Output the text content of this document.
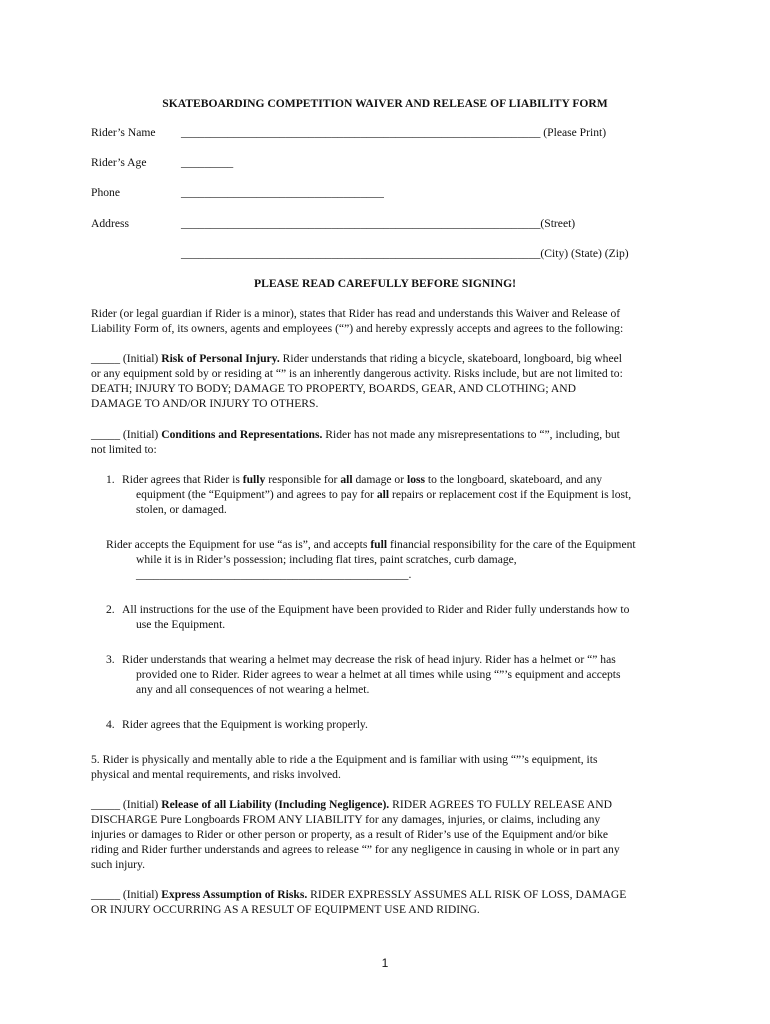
SKATEBOARDING COMPETITION WAIVER AND RELEASE OF LIABILITY FORM
Rider’s Name ______________________________________________________________ (Please Print)
Rider’s Age	_________
Phone	___________________________________
Address	______________________________________________________________(Street)
______________________________________________________________(City) (State) (Zip)
PLEASE READ CAREFULLY BEFORE SIGNING!
Rider (or legal guardian if Rider is a minor), states that Rider has read and understands this Waiver and Release of
Liability Form of, its owners, agents and employees (“”) and hereby expressly accepts and agrees to the following:
_____ (Initial) Risk of Personal Injury. Rider understands that riding a bicycle, skateboard, longboard, big wheel
or any equipment sold by or residing at “” is an inherently dangerous activity. Risks include, but are not limited to:
DEATH; INJURY TO BODY; DAMAGE TO PROPERTY, BOARDS, GEAR, AND CLOTHING; AND
DAMAGE TO AND/OR INJURY TO OTHERS.
_____ (Initial) Conditions and Representations. Rider has not made any misrepresentations to “”, including, but
not limited to:
1. Rider agrees that Rider is fully responsible for all damage or loss to the longboard, skateboard, and any
equipment (the “Equipment”) and agrees to pay for all repairs or replacement cost if the Equipment is lost,
stolen, or damaged.
Rider accepts the Equipment for use “as is”, and accepts full financial responsibility for the care of the Equipment
while it is in Rider’s possession; including flat tires, paint scratches, curb damage,
_______________________________________________.
2. All instructions for the use of the Equipment have been provided to Rider and Rider fully understands how to
use the Equipment.
3. Rider understands that wearing a helmet may decrease the risk of head injury. Rider has a helmet or “” has
provided one to Rider. Rider agrees to wear a helmet at all times while using “”’s equipment and accepts
any and all consequences of not wearing a helmet.
4. Rider agrees that the Equipment is working properly.
5. Rider is physically and mentally able to ride a the Equipment and is familiar with using “”’s equipment, its
physical and mental requirements, and risks involved.
_____ (Initial) Release of all Liability (Including Negligence). RIDER AGREES TO FULLY RELEASE AND
DISCHARGE Pure Longboards FROM ANY LIABILITY for any damages, injuries, or claims, including any
injuries or damages to Rider or other person or property, as a result of Rider’s use of the Equipment and/or bike
riding and Rider further understands and agrees to release “” for any negligence in causing in whole or in part any
such injury.
_____ (Initial) Express Assumption of Risks. RIDER EXPRESSLY ASSUMES ALL RISK OF LOSS, DAMAGE
OR INJURY OCCURRING AS A RESULT OF EQUIPMENT USE AND RIDING.
1
